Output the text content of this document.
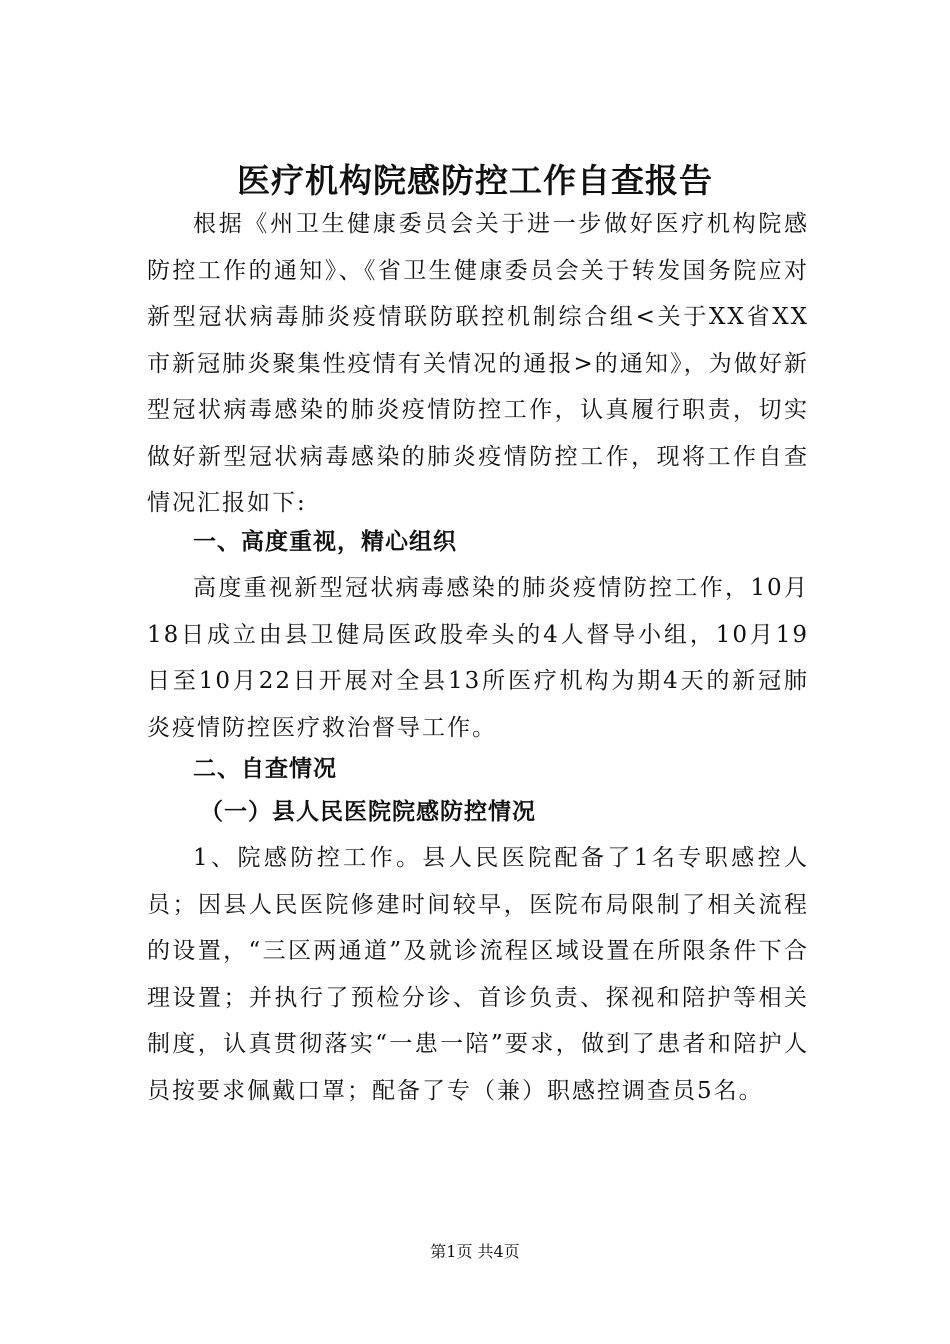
医疗机构院感防控工作自查报告

根据《州卫生健康委员会关于进一步做好医疗机构院感防控工作的通知》、《省卫生健康委员会关于转发国务院应对新型冠状病毒肺炎疫情联防联控机制综合组<关于XX省XX市新冠肺炎聚集性疫情有关情况的通报>的通知》，为做好新型冠状病毒感染的肺炎疫情防控工作，认真履行职责，切实做好新型冠状病毒感染的肺炎疫情防控工作，现将工作自查情况汇报如下:

一、高度重视，精心组织

高度重视新型冠状病毒感染的肺炎疫情防控工作，10月18日成立由县卫健局医政股牵头的4人督导小组，10月19日至10月22日开展对全县13所医疗机构为期4天的新冠肺炎疫情防控医疗救治督导工作。

二、自查情况
（一）县人民医院院感防控情况

1、院感防控工作。县人民医院配备了1名专职感控人员；因县人民医院修建时间较早，医院布局限制了相关流程的设置，“三区两通道”及就诊流程区域设置在所限条件下合理设置；并执行了预检分诊、首诊负责、探视和陪护等相关制度，认真贯彻落实“一患一陪”要求，做到了患者和陪护人员按要求佩戴口罩；配备了专（兼）职感控调查员5名。

第1页 共4页
